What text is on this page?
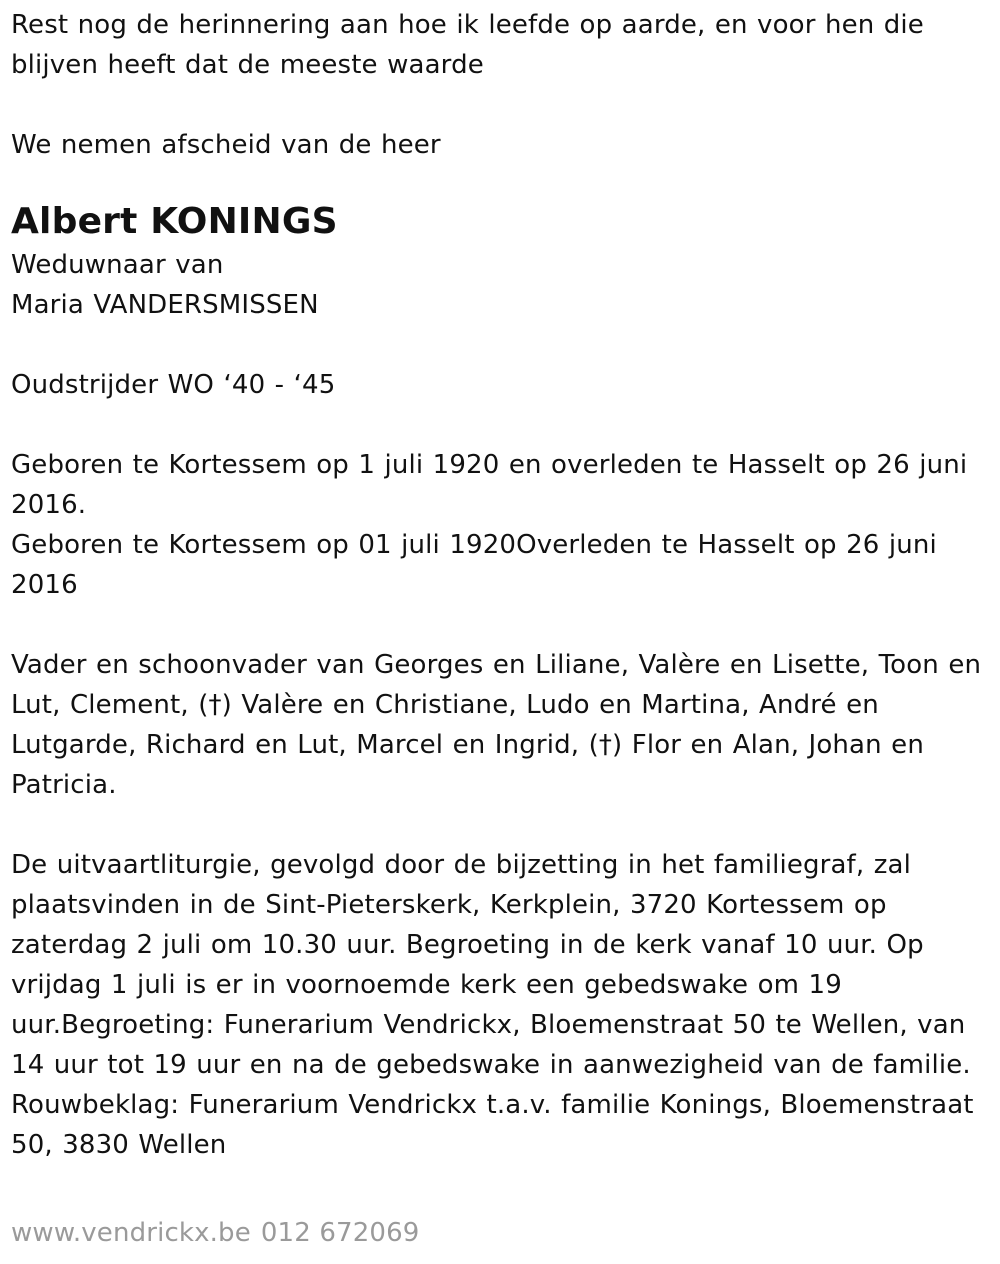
Rest nog de herinnering aan hoe ik leefde op aarde, en voor hen die blijven heeft dat de meeste waarde

We nemen afscheid van de heer

Albert KONINGS
Weduwnaar van
Maria VANDERSMISSEN

Oudstrijder WO ‘40 - ‘45

Geboren te Kortessem op 1 juli 1920 en overleden te Hasselt op 26 juni 2016.
Geboren te Kortessem op 01 juli 1920Overleden te Hasselt op 26 juni 2016

Vader en schoonvader van Georges en Liliane, Valère en Lisette, Toon en Lut, Clement, (†) Valère en Christiane, Ludo en Martina, André en Lutgarde, Richard en Lut, Marcel en Ingrid, (†) Flor en Alan, Johan en Patricia.

De uitvaartliturgie, gevolgd door de bijzetting in het familiegraf, zal plaatsvinden in de Sint-Pieterskerk, Kerkplein, 3720 Kortessem op zaterdag 2 juli om 10.30 uur. Begroeting in de kerk vanaf 10 uur. Op vrijdag 1 juli is er in voornoemde kerk een gebedswake om 19 uur.Begroeting: Funerarium Vendrickx, Bloemenstraat 50 te Wellen, van 14 uur tot 19 uur en na de gebedswake in aanwezigheid van de familie. Rouwbeklag: Funerarium Vendrickx t.a.v. familie Konings, Bloemenstraat 50, 3830 Wellen

www.vendrickx.be 012 672069
